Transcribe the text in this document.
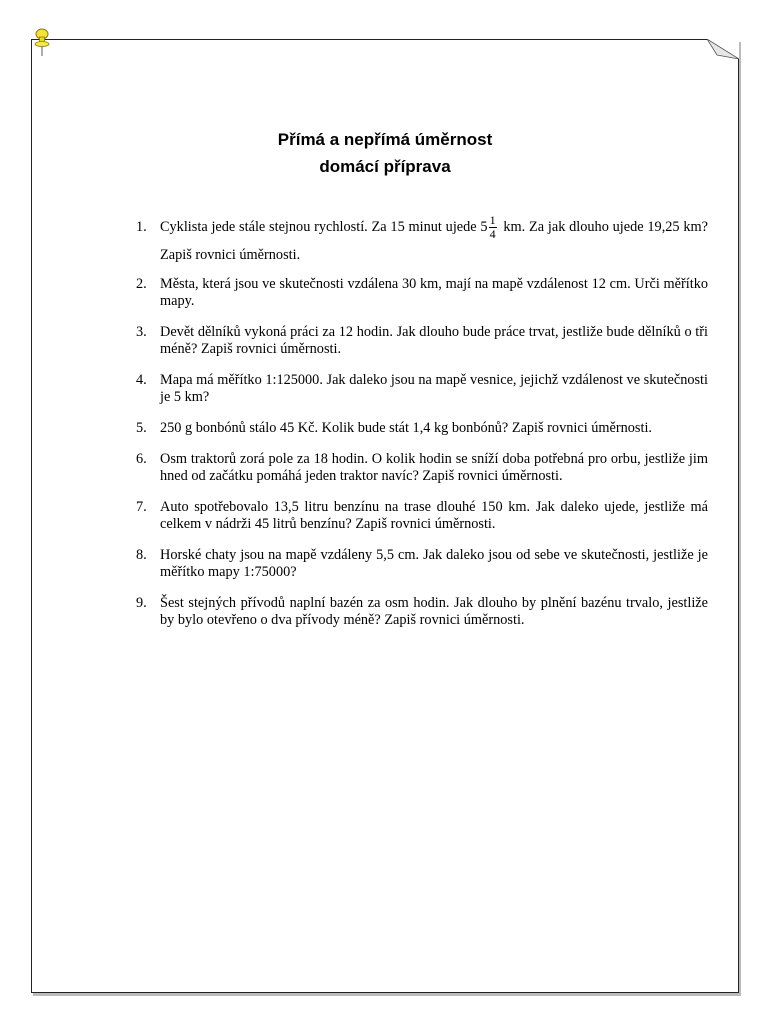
Přímá a nepřímá úměrnost
domácí příprava
1. Cyklista jede stále stejnou rychlostí. Za 15 minut ujede $5 \frac{1}{4}$ km. Za jak dlouho ujede 19,25 km? Zapiš rovnici úměrnosti.
2. Města, která jsou ve skutečnosti vzdálena 30 km, mají na mapě vzdálenost 12 cm. Urči měřítko mapy.
3. Devět dělníků vykoná práci za 12 hodin. Jak dlouho bude práce trvat, jestliže bude dělníků o tři méně? Zapiš rovnici úměrnosti.
4. Mapa má měřítko 1:125000. Jak daleko jsou na mapě vesnice, jejichž vzdálenost ve skutečnosti je 5 km?
5. 250 g bonbónů stálo 45 Kč. Kolik bude stát 1,4 kg bonbónů? Zapiš rovnici úměrnosti.
6. Osm traktorů zorá pole za 18 hodin. O kolik hodin se sníží doba potřebná pro orbu, jestliže jim hned od začátku pomáhá jeden traktor navíc? Zapiš rovnici úměrnosti.
7. Auto spotřebovalo 13,5 litru benzínu na trase dlouhé 150 km. Jak daleko ujede, jestliže má celkem v nádrži 45 litrů benzínu? Zapiš rovnici úměrnosti.
8. Horské chaty jsou na mapě vzdáleny 5,5 cm. Jak daleko jsou od sebe ve skutečnosti, jestliže je měřítko mapy 1:75000?
9. Šest stejných přívodů naplní bazén za osm hodin. Jak dlouho by plnění bazénu trvalo, jestliže by bylo otevřeno o dva přívody méně? Zapiš rovnici úměrnosti.
